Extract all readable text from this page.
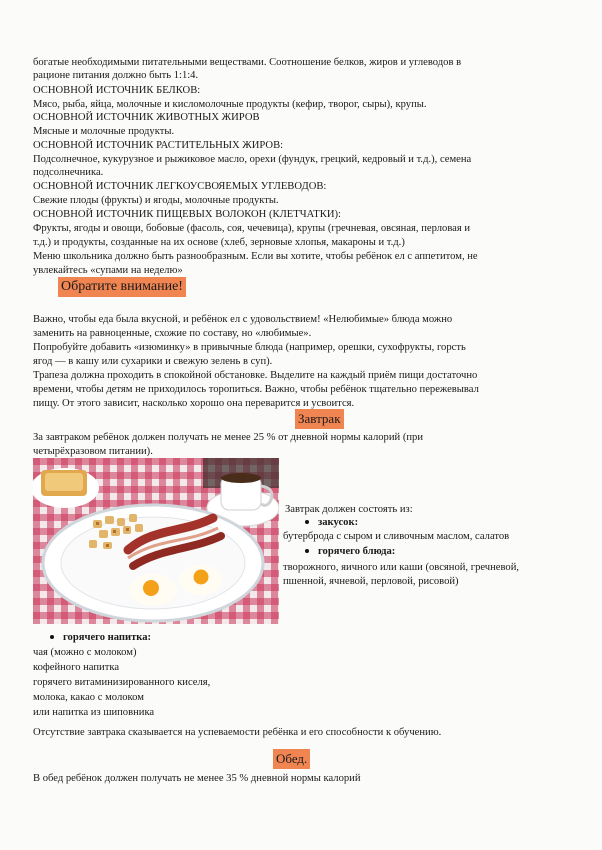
богатые необходимыми питательными веществами. Соотношение белков, жиров и углеводов в
рационе питания должно быть 1:1:4.
ОСНОВНОЙ ИСТОЧНИК БЕЛКОВ:
Мясо, рыба, яйца, молочные и кисломолочные продукты (кефир, творог, сыры), крупы.
ОСНОВНОЙ ИСТОЧНИК ЖИВОТНЫХ ЖИРОВ
Мясные и молочные продукты.
ОСНОВНОЙ ИСТОЧНИК РАСТИТЕЛЬНЫХ ЖИРОВ:
Подсолнечное, кукурузное и рыжиковое масло, орехи (фундук, грецкий, кедровый и т.д.), семена
подсолнечника.
ОСНОВНОЙ ИСТОЧНИК ЛЕГКОУСВОЯЕМЫХ УГЛЕВОДОВ:
Свежие плоды (фрукты) и ягоды, молочные продукты.
ОСНОВНОЙ ИСТОЧНИК ПИЩЕВЫХ ВОЛОКОН (КЛЕТЧАТКИ):
Фрукты, ягоды и овощи, бобовые (фасоль, соя, чечевица), крупы (гречневая, овсяная, перловая и
т.д.) и продукты, созданные на их основе (хлеб, зерновые хлопья, макароны и т.д.)
Меню школьника должно быть разнообразным. Если вы хотите, чтобы ребёнок ел с аппетитом, не
увлекайтесь «супами на неделю»
Обратите внимание!
Важно, чтобы еда была вкусной, и ребёнок ел с удовольствием! «Нелюбимые» блюда можно
заменить на равноценные, схожие по составу, но «любимые».
Попробуйте добавить «изюминку» в привычные блюда (например, орешки, сухофрукты, горсть
ягод — в кашу или сухарики и свежую зелень в суп).
Трапеза должна проходить в спокойной обстановке. Выделите на каждый приём пищи достаточно
времени, чтобы детям не приходилось торопиться. Важно, чтобы ребёнок тщательно пережевывал
пищу. От этого зависит, насколько хорошо она переварится и усвоится.
Завтрак
За завтраком ребёнок должен получать не менее 25 % от дневной нормы калорий (при
четырёхразовом питании).
Завтрак должен состоять из:
закусок:
бутерброда с сыром и сливочным маслом, салатов
горячего блюда:
творожного, яичного или каши (овсяной, гречневой,
пшенной, ячневой, перловой, рисовой)
горячего напитка:
чая (можно с молоком)
кофейного напитка
горячего витаминизированного киселя,
молока, какао с молоком
или напитка из шиповника
Отсутствие завтрака сказывается на успеваемости ребёнка и его способности к обучению.
Обед.
В обед ребёнок должен получать не менее 35 % дневной нормы калорий
